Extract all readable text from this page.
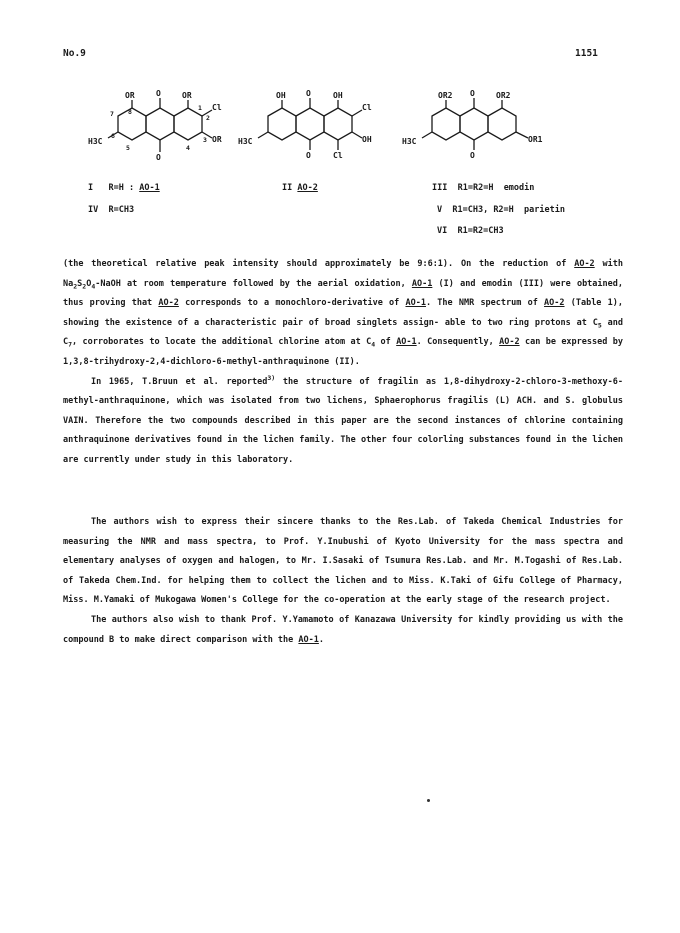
No.9	1151
OR	O	OR
7
1
2
Cl
8
H3C
6
5
OR
3
4
O
OH	O	OH
Cl
H3C	OH
O	Cl
OR2 O	OR2
H3C	OR1
O
I R=H : AO-1
IV R=CH3
II AO-2	III R1=R2=H emodin
V R1=CH3, R2=H parietin
VI R1=R2=CH3

(the theoretical relative peak intensity should approximately be 9:6:1). On the reduction of AO-2 with $Na_2S_2O_4$-NaOH at room temperature followed by the aerial oxidation, AO-1 (I) and emodin (III) were obtained, thus proving that AO-2 corresponds to a monochloro-derivative of AO-1. The NMR spectrum of AO-2 (Table 1), showing the existence of a characteristic pair of broad singlets assign- able to two ring protons at $C_5$ and $C_7$, corroborates to locate the additional chlorine atom at $C_4$ of AO-1. Consequently, AO-2 can be expressed by 1,3,8-trihydroxy-2,4-dichloro-6-methyl-anthraquinone (II).

In 1965, T.Bruun et al. reported$^{3)}$ the structure of fragilin as 1,8-dihydroxy-2-chloro-3-methoxy-6-methyl-anthraquinone, which was isolated from two lichens, Sphaerophorus fragilis (L) ACH. and S. globulus VAIN. Therefore the two compounds described in this paper are the second instances of chlorine containing anthraquinone derivatives found in the lichen family. The other four colorling substances found in the lichen are currently under study in this laboratory.

The authors wish to express their sincere thanks to the Res.Lab. of Takeda Chemical Industries for measuring the NMR and mass spectra, to Prof. Y.Inubushi of Kyoto University for the mass spectra and elementary analyses of oxygen and halogen, to Mr. I.Sasaki of Tsumura Res.Lab. and Mr. M.Togashi of Res.Lab. of Takeda Chem.Ind. for helping them to collect the lichen and to Miss. K.Taki of Gifu College of Pharmacy, Miss. M.Yamaki of Mukogawa Women's College for the co-operation at the early stage of the research project.

The authors also wish to thank Prof. Y.Yamamoto of Kanazawa University for kindly providing us with the compound B to make direct comparison with the AO-1.
